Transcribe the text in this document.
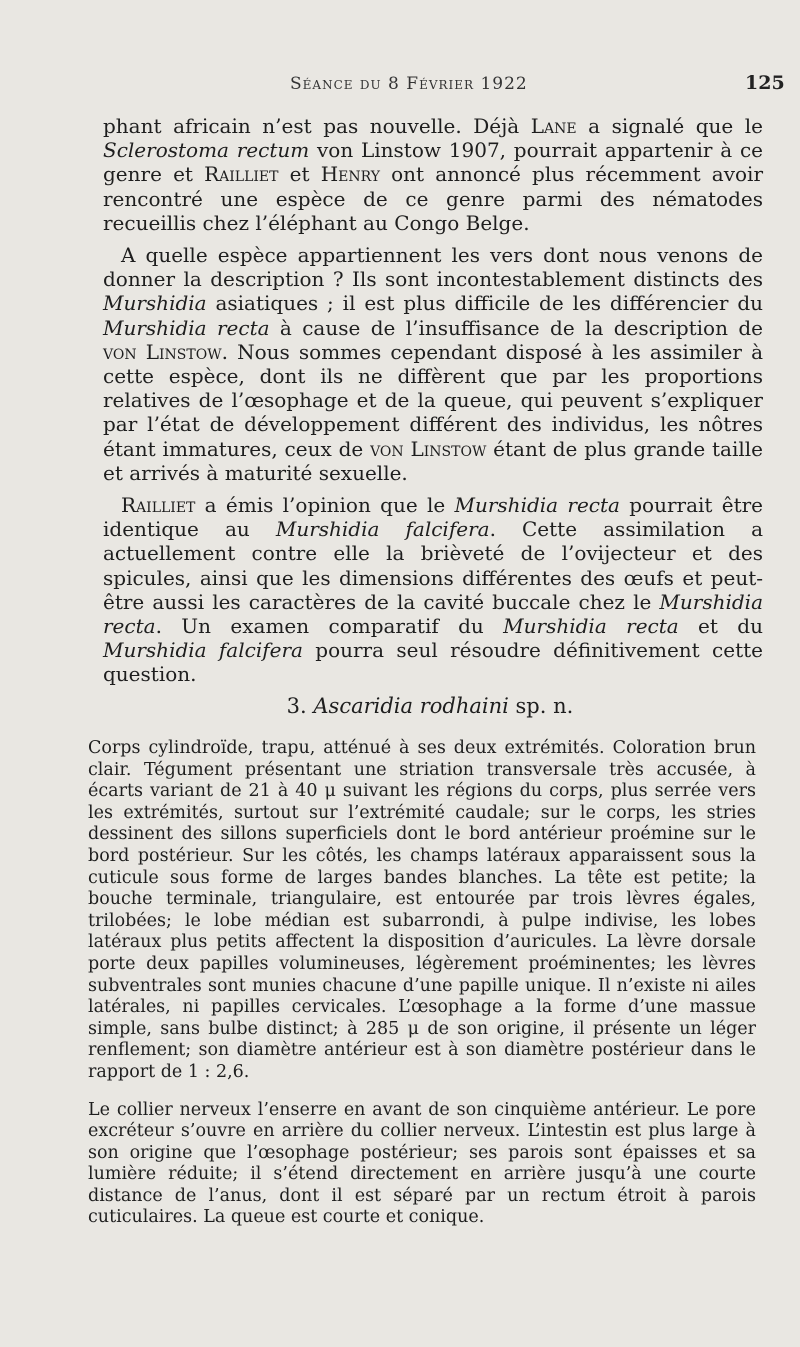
Séance du 8 Février 1922	125

phant africain n’est pas nouvelle. Déjà Lane a signalé que le Sclerostoma rectum von Linstow 1907, pourrait appartenir à ce genre et Railliet et Henry ont annoncé plus récemment avoir rencontré une espèce de ce genre parmi des nématodes recueillis chez l’éléphant au Congo Belge.

A quelle espèce appartiennent les vers dont nous venons de donner la description ? Ils sont incontestablement distincts des Murshidia asiatiques ; il est plus difficile de les différencier du Murshidia recta à cause de l’insuffisance de la description de von Linstow. Nous sommes cependant disposé à les assimiler à cette espèce, dont ils ne diffèrent que par les proportions relatives de l’œsophage et de la queue, qui peuvent s’expliquer par l’état de développement différent des individus, les nôtres étant immatures, ceux de von Linstow étant de plus grande taille et arrivés à maturité sexuelle.

Railliet a émis l’opinion que le Murshidia recta pourrait être identique au Murshidia falcifera. Cette assimilation a actuellement contre elle la brièveté de l’ovijecteur et des spicules, ainsi que les dimensions différentes des œufs et peut-être aussi les caractères de la cavité buccale chez le Murshidia recta. Un examen comparatif du Murshidia recta et du Murshidia falcifera pourra seul résoudre définitivement cette question.

3. Ascaridia rodhaini sp. n.

Corps cylindroïde, trapu, atténué à ses deux extrémités. Coloration brun clair. Tégument présentant une striation transversale très accusée, à écarts variant de 21 à 40 μ suivant les régions du corps, plus serrée vers les extrémités, surtout sur l’extrémité caudale; sur le corps, les stries dessinent des sillons superficiels dont le bord antérieur proémine sur le bord postérieur. Sur les côtés, les champs latéraux apparaissent sous la cuticule sous forme de larges bandes blanches. La tête est petite; la bouche terminale, triangulaire, est entourée par trois lèvres égales, trilobées; le lobe médian est subarrondi, à pulpe indivise, les lobes latéraux plus petits affectent la disposition d’auricules. La lèvre dorsale porte deux papilles volumineuses, légèrement proéminentes; les lèvres subventrales sont munies chacune d’une papille unique. Il n’existe ni ailes latérales, ni papilles cervicales. L’œsophage a la forme d’une massue simple, sans bulbe distinct; à 285 μ de son origine, il présente un léger renflement; son diamètre antérieur est à son diamètre postérieur dans le rapport de 1 : 2,6.

Le collier nerveux l’enserre en avant de son cinquième antérieur. Le pore excréteur s’ouvre en arrière du collier nerveux. L’intestin est plus large à son origine que l’œsophage postérieur; ses parois sont épaisses et sa lumière réduite; il s’étend directement en arrière jusqu’à une courte distance de l’anus, dont il est séparé par un rectum étroit à parois cuticulaires. La queue est courte et conique.
